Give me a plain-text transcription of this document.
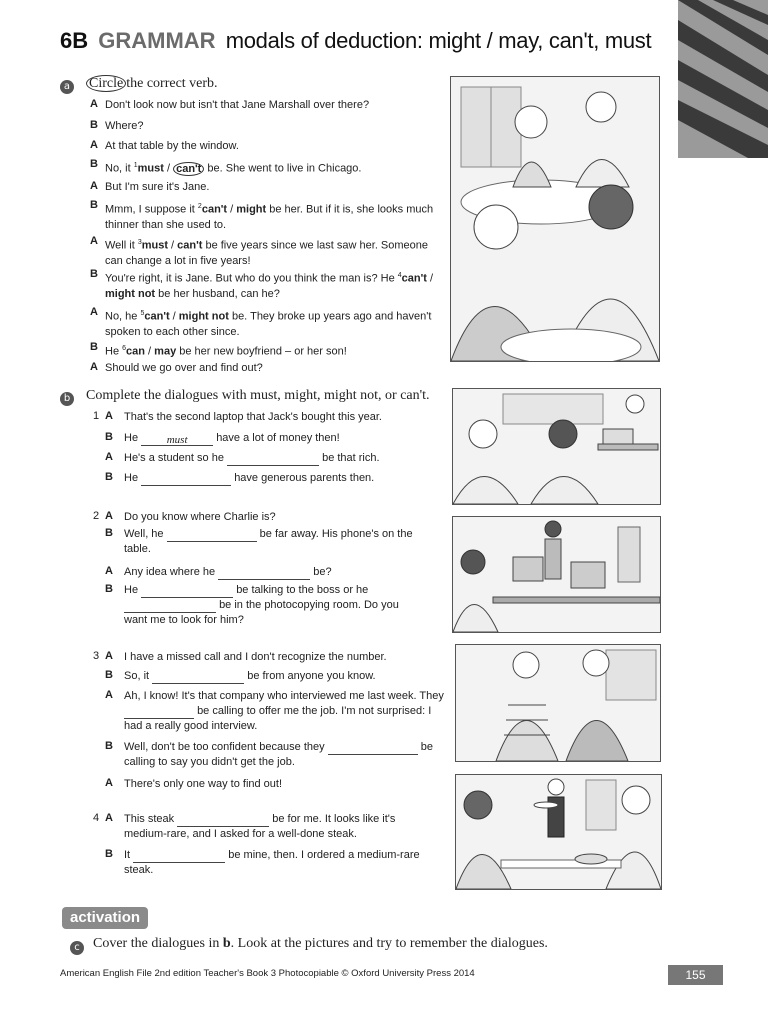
6B GRAMMAR modals of deduction: might / may, can't, must
a Circle the correct verb.
A Don't look now but isn't that Jane Marshall over there?
B Where?
A At that table by the window.
B No, it $^1$must / can't be. She went to live in Chicago.
A But I'm sure it's Jane.
B Mmm, I suppose it $^2$can't / might be her. But if it is, she looks much thinner than she used to.
A Well it $^3$must / can't be five years since we last saw her. Someone can change a lot in five years!
B You're right, it is Jane. But who do you think the man is? He $^4$can't / might not be her husband, can he?
A No, he $^5$can't / might not be. They broke up years ago and haven't spoken to each other since.
B He $^6$can / may be her new boyfriend – or her son!
A Should we go over and find out?
b Complete the dialogues with must, might, might not, or can't.
1 A That's the second laptop that Jack's bought this year.
B He	must	have a lot of money then!
A He's a student so he	be that rich.
B He	have generous parents then.
2 A Do you know where Charlie is?
B Well, he	be far away. His phone's on the table.
A Any idea where he	be?
B He	be talking to the boss or he
be in the photocopying room. Do you want me to look for him?
3 A I have a missed call and I don't recognize the number.
B So, it	be from anyone you know.
A Ah, I know! It's that company who interviewed me last week. They  be calling to offer me the job. I'm not surprised: I had a really good interview.
B Well, don't be too confident because they	be calling to say you didn't get the job.
A There's only one way to find out!
4 A This steak	be for me. It looks like it's medium-rare, and I asked for a well-done steak.
B It	be mine, then. I ordered a medium-rare steak.
activation
c Cover the dialogues in b. Look at the pictures and try to remember the dialogues.
American English File 2nd edition Teacher's Book 3 Photocopiable © Oxford University Press 2014	155
